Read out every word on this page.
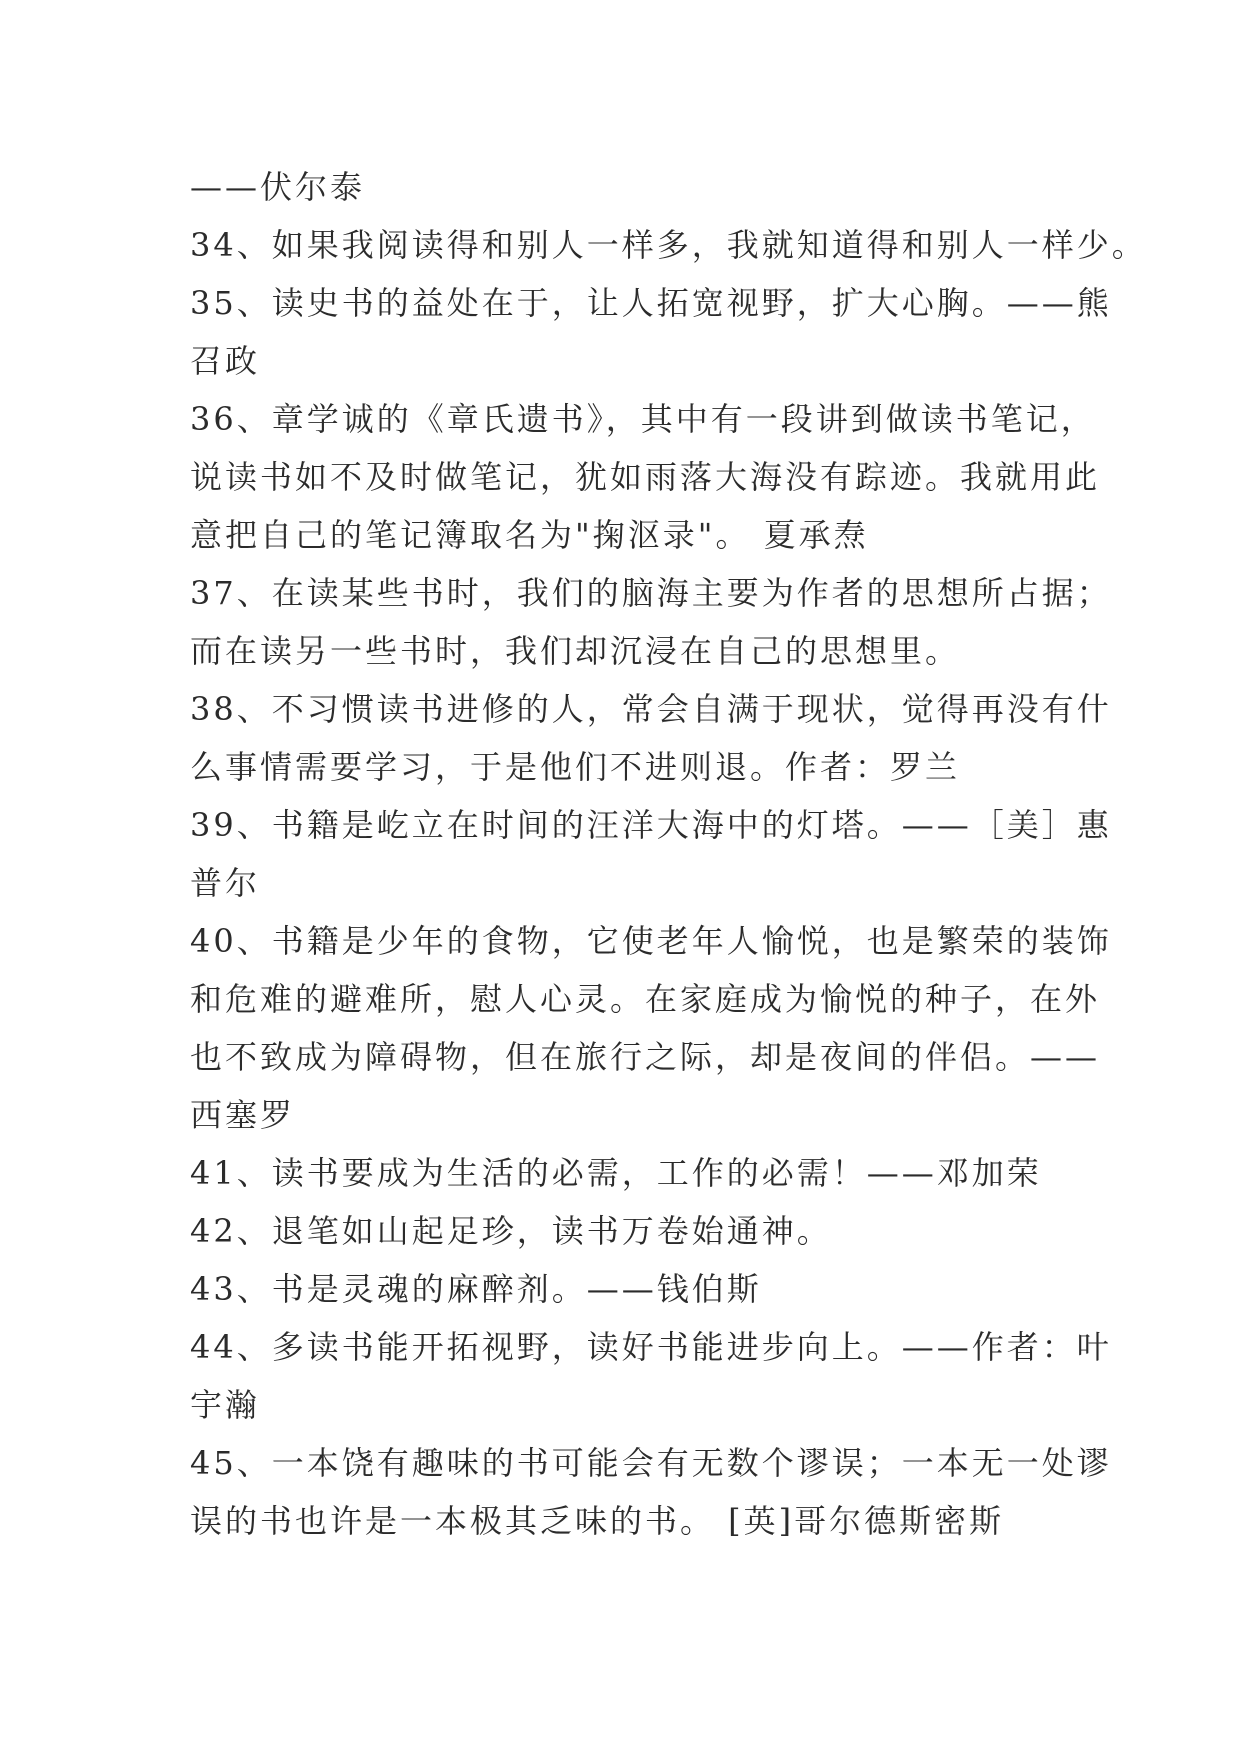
——伏尔泰
34、如果我阅读得和别人一样多，我就知道得和别人一样少。
35、读史书的益处在于，让人拓宽视野，扩大心胸。——熊
召政
36、章学诚的《章氏遗书》，其中有一段讲到做读书笔记，
说读书如不及时做笔记，犹如雨落大海没有踪迹。我就用此
意把自己的笔记簿取名为"掬沤录"。 夏承焘
37、在读某些书时，我们的脑海主要为作者的思想所占据；
而在读另一些书时，我们却沉浸在自己的思想里。
38、不习惯读书进修的人，常会自满于现状，觉得再没有什
么事情需要学习，于是他们不进则退。作者：罗兰
39、书籍是屹立在时间的汪洋大海中的灯塔。——［美］惠
普尔
40、书籍是少年的食物，它使老年人愉悦，也是繁荣的装饰
和危难的避难所，慰人心灵。在家庭成为愉悦的种子，在外
也不致成为障碍物，但在旅行之际，却是夜间的伴侣。——
西塞罗
41、读书要成为生活的必需，工作的必需！——邓加荣
42、退笔如山起足珍，读书万卷始通神。
43、书是灵魂的麻醉剂。——钱伯斯
44、多读书能开拓视野，读好书能进步向上。——作者：叶
宇瀚
45、一本饶有趣味的书可能会有无数个谬误；一本无一处谬
误的书也许是一本极其乏味的书。 [英]哥尔德斯密斯
